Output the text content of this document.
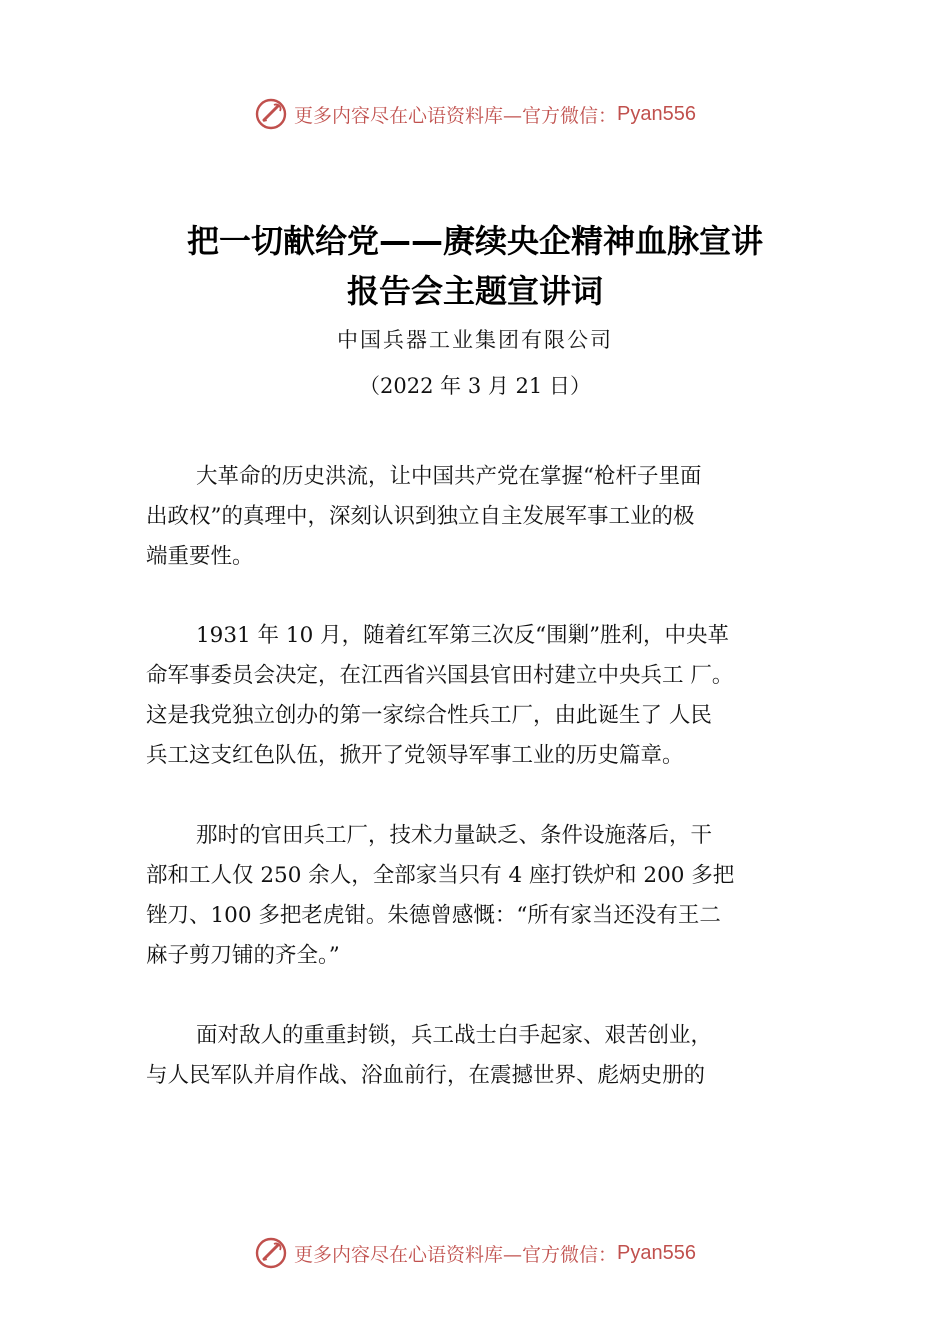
更多内容尽在心语资料库—官方微信： Pyan556
把一切献给党——赓续央企精神血脉宣讲
报告会主题宣讲词
中国兵器工业集团有限公司
（2022 年 3 月 21 日）
大革命的历史洪流，让中国共产党在掌握“枪杆子里面
出政权”的真理中，深刻认识到独立自主发展军事工业的极
端重要性。
1931 年 10 月，随着红军第三次反“围剿”胜利，中央革
命军事委员会决定，在江西省兴国县官田村建立中央兵工 厂。
这是我党独立创办的第一家综合性兵工厂，由此诞生了 人民
兵工这支红色队伍，掀开了党领导军事工业的历史篇章。
那时的官田兵工厂，技术力量缺乏、条件设施落后，干
部和工人仅 250 余人，全部家当只有 4 座打铁炉和 200 多把
锉刀、100 多把老虎钳。朱德曾感慨：“所有家当还没有王二
麻子剪刀铺的齐全。”
面对敌人的重重封锁，兵工战士白手起家、艰苦创业，
与人民军队并肩作战、浴血前行，在震撼世界、彪炳史册的
更多内容尽在心语资料库—官方微信： Pyan556
